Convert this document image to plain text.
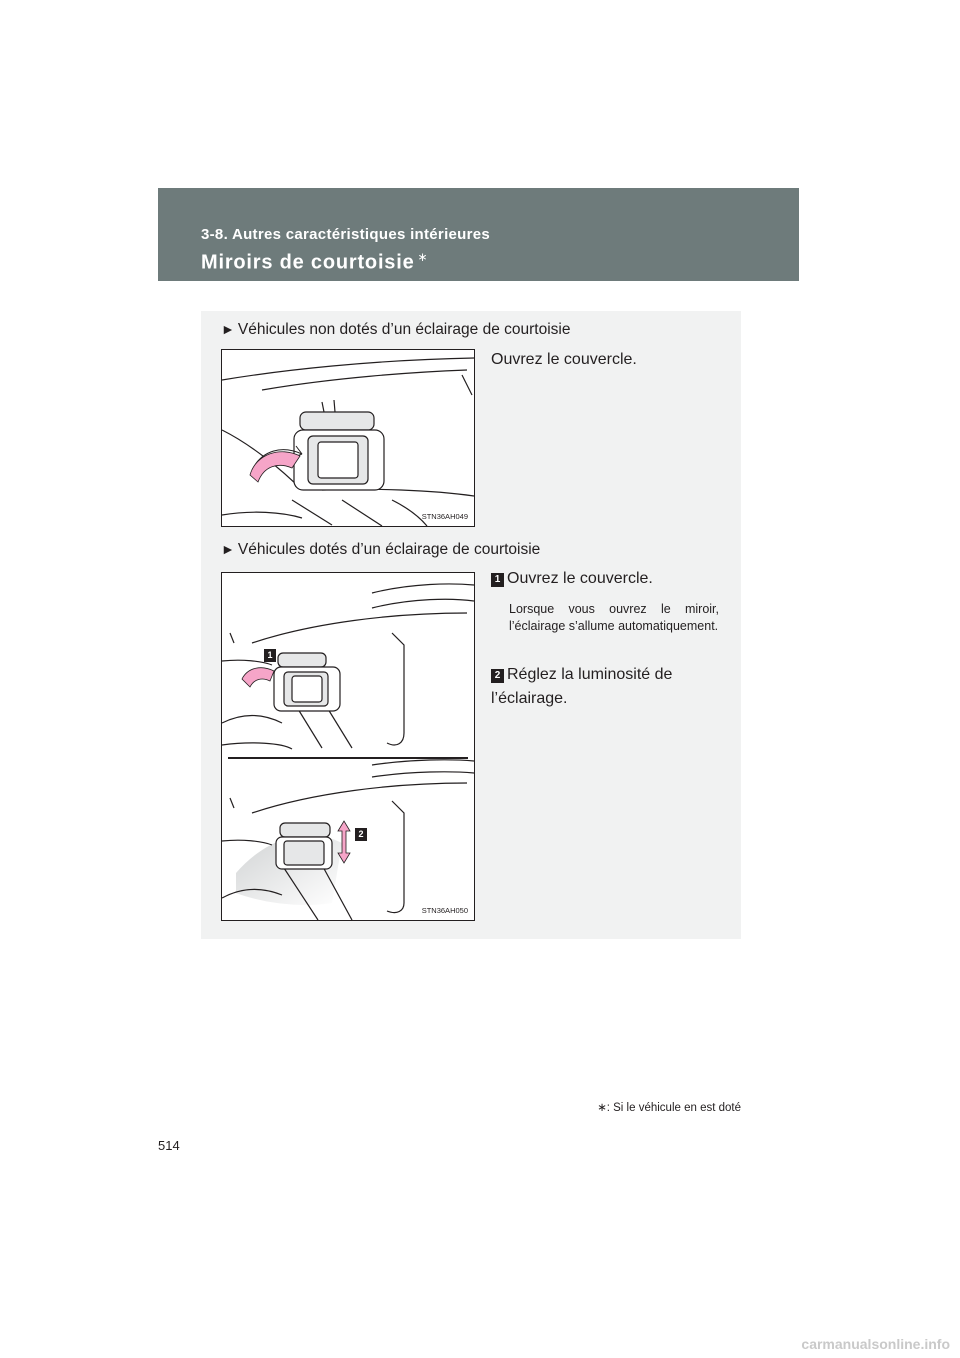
3-8. Autres caractéristiques intérieures
Miroirs de courtoisie ∗
► Véhicules non dotés d’un éclairage de courtoisie
Ouvrez le couvercle.
STN36AH049
► Véhicules dotés d’un éclairage de courtoisie
1 Ouvrez le couvercle.
Lorsque vous ouvrez le miroir, l’éclairage s’allume automatiquement.
2 Réglez la luminosité de l’éclairage.
1
2
STN36AH050
∗: Si le véhicule en est doté
514
carmanualsonline.info
